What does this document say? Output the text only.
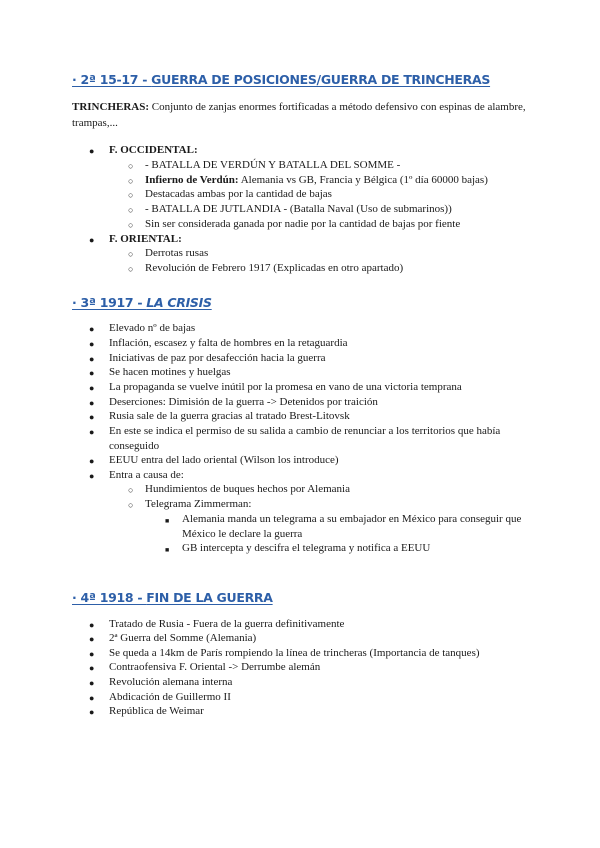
· 2ª 15-17 - GUERRA DE POSICIONES/GUERRA DE TRINCHERAS
TRINCHERAS: Conjunto de zanjas enormes fortificadas a método defensivo con espinas de alambre, trampas,...
● F. OCCIDENTAL:
○ - BATALLA DE VERDÚN Y BATALLA DEL SOMME -
○ Infierno de Verdún: Alemania vs GB, Francia y Bélgica (1º día 60000 bajas)
○ Destacadas ambas por la cantidad de bajas
○ - BATALLA DE JUTLANDIA - (Batalla Naval (Uso de submarinos))
○ Sin ser considerada ganada por nadie por la cantidad de bajas por fiente
● F. ORIENTAL:
○ Derrotas rusas
○ Revolución de Febrero 1917 (Explicadas en otro apartado)
· 3ª 1917 - LA CRISIS
● Elevado nº de bajas
● Inflación, escasez y falta de hombres en la retaguardia
● Iniciativas de paz por desafección hacia la guerra
● Se hacen motines y huelgas
● La propaganda se vuelve inútil por la promesa en vano de una victoria temprana
● Deserciones: Dimisión de la guerra -> Detenidos por traición
● Rusia sale de la guerra gracias al tratado Brest-Litovsk
● En este se indica el permiso de su salida a cambio de renunciar a los territorios que había conseguido
● EEUU entra del lado oriental (Wilson los introduce)
● Entra a causa de:
○ Hundimientos de buques hechos por Alemania
○ Telegrama Zimmerman:
■ Alemania manda un telegrama a su embajador en México para conseguir que México le declare la guerra
■ GB intercepta y descifra el telegrama y notifica a EEUU
· 4ª 1918 - FIN DE LA GUERRA
● Tratado de Rusia - Fuera de la guerra definitivamente
● 2ª Guerra del Somme (Alemania)
● Se queda a 14km de París rompiendo la línea de trincheras (Importancia de tanques)
● Contraofensiva F. Oriental -> Derrumbe alemán
● Revolución alemana interna
● Abdicación de Guillermo II
● República de Weimar
